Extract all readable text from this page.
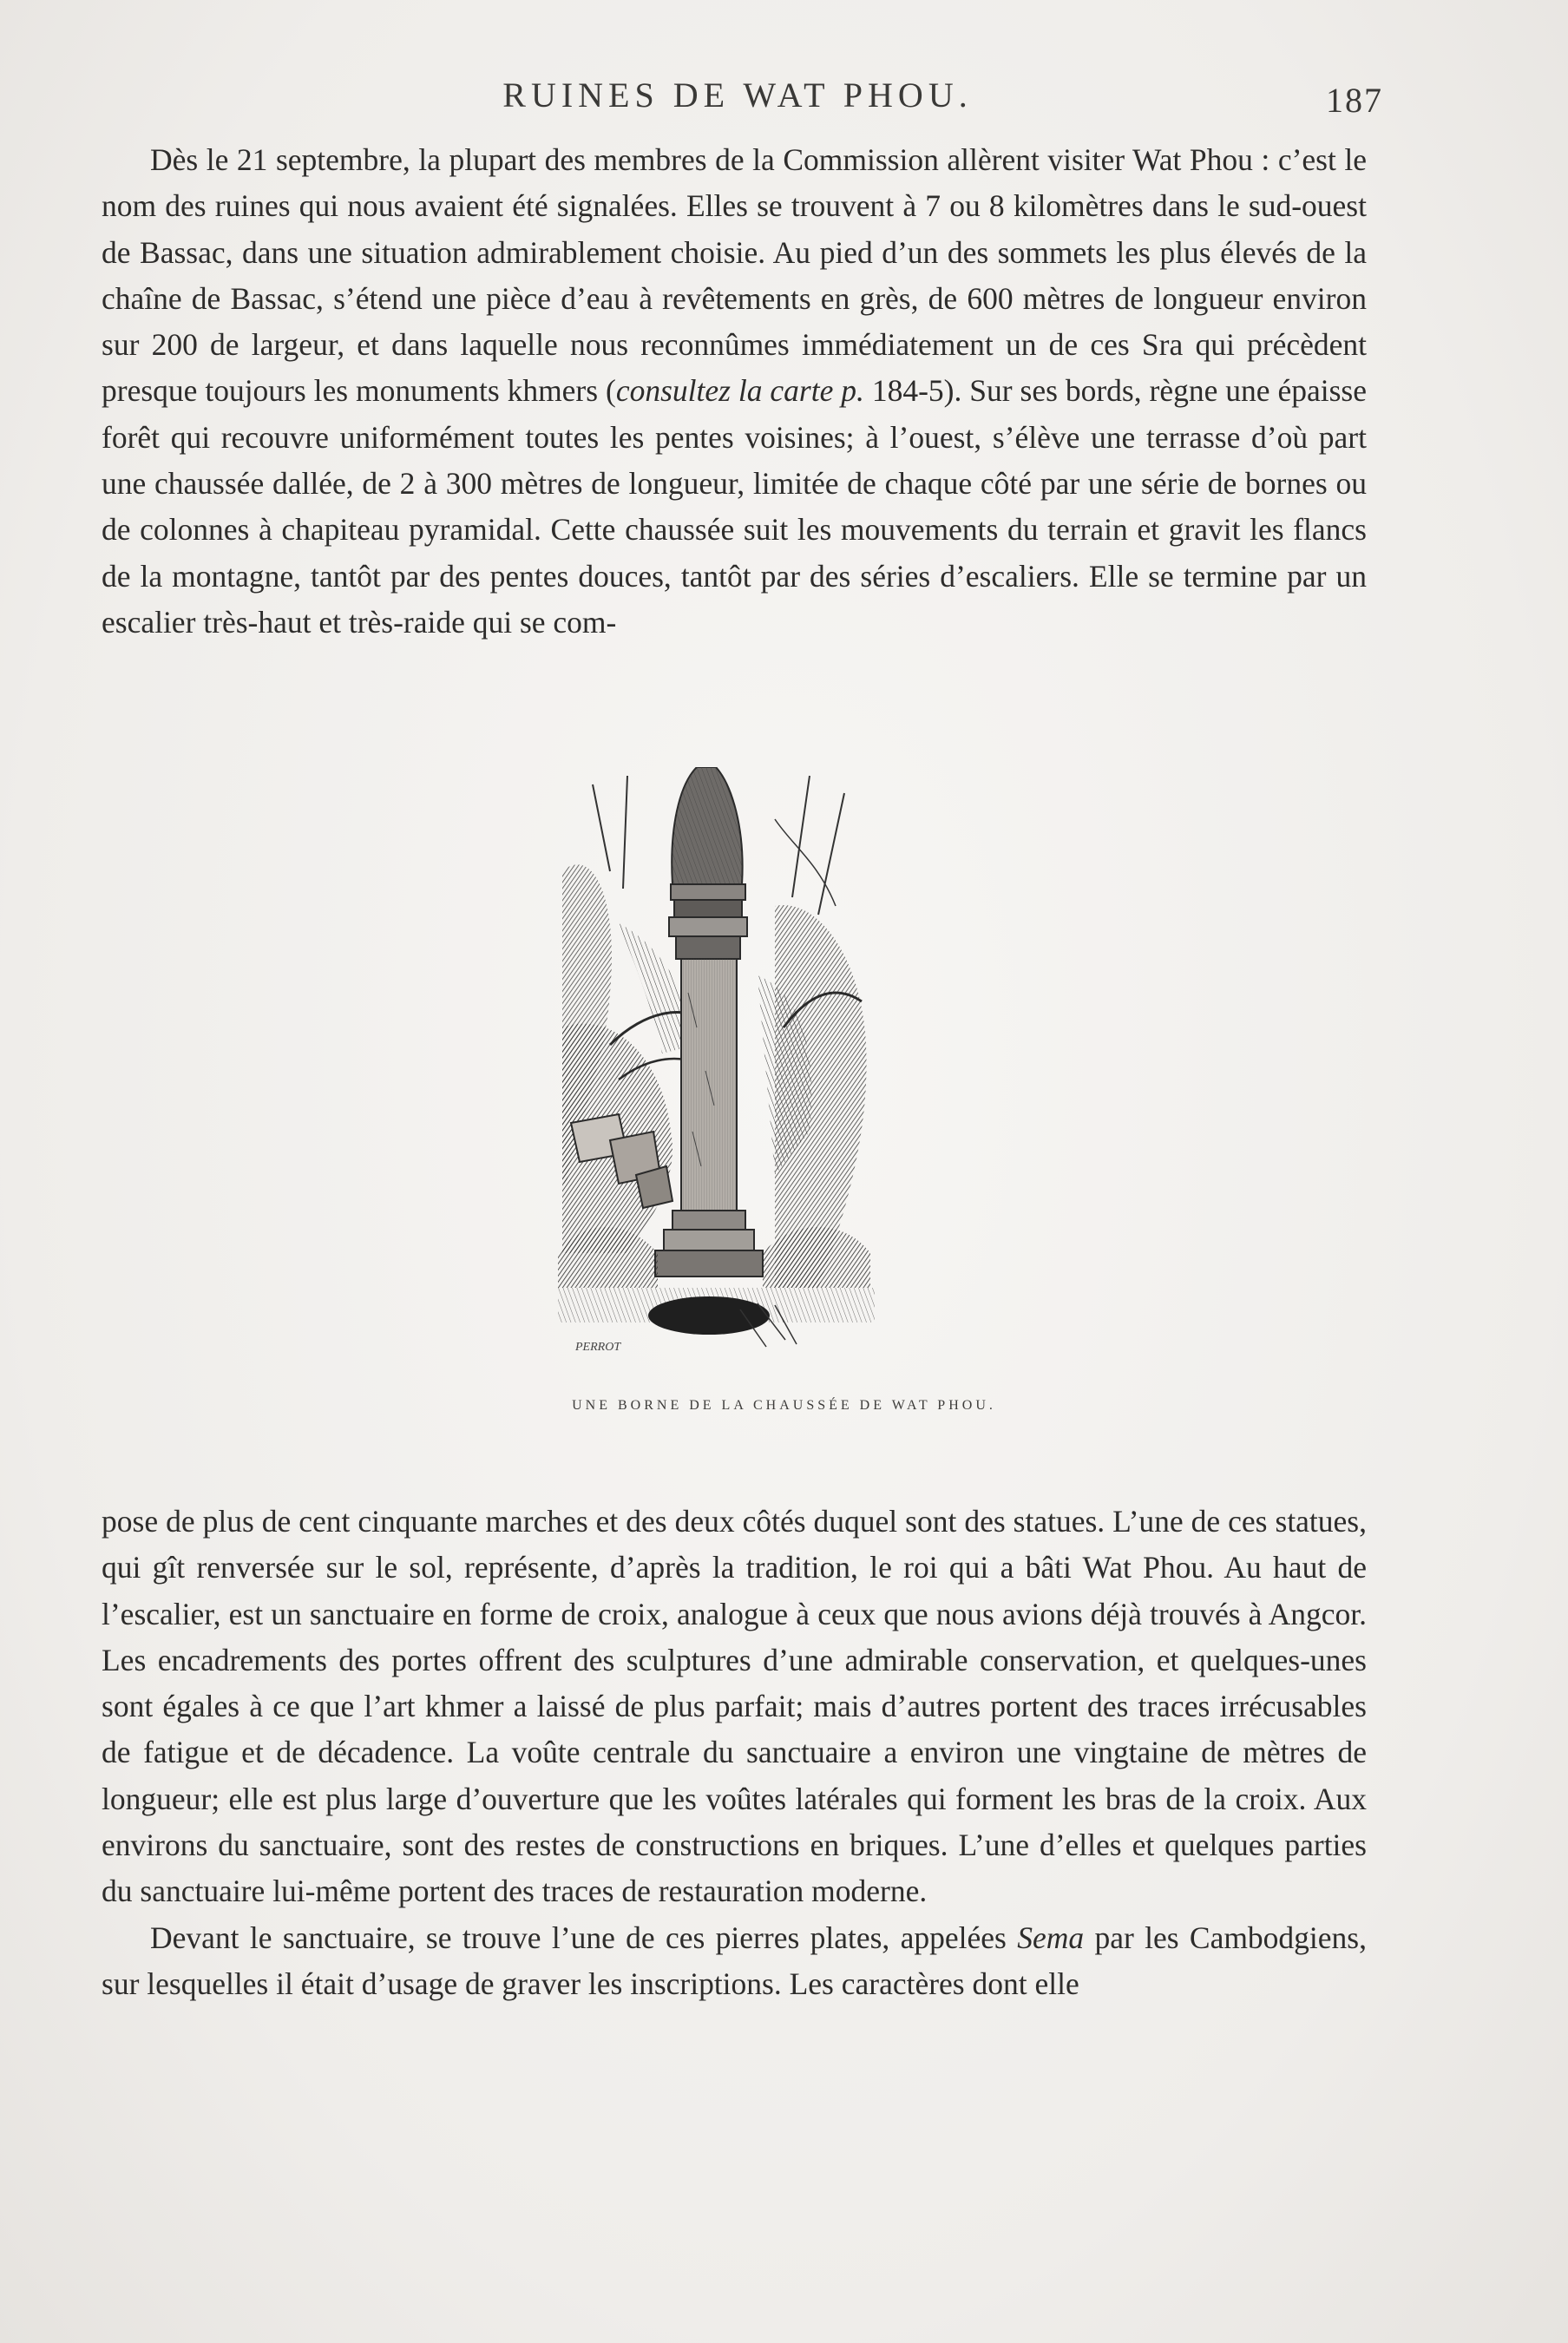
RUINES DE WAT PHOU.	187

Dès le 21 septembre, la plupart des membres de la Commission allèrent visiter Wat Phou : c’est le nom des ruines qui nous avaient été signalées. Elles se trouvent à 7 ou 8 kilomètres dans le sud-ouest de Bassac, dans une situation admirablement choisie. Au pied d’un des sommets les plus élevés de la chaîne de Bassac, s’étend une pièce d’eau à revêtements en grès, de 600 mètres de longueur environ sur 200 de largeur, et dans laquelle nous reconnûmes immédiatement un de ces Sra qui précèdent presque toujours les monuments khmers (consultez la carte p. 184-5). Sur ses bords, règne une épaisse forêt qui recouvre uniformément toutes les pentes voisines; à l’ouest, s’élève une terrasse d’où part une chaussée dallée, de 2 à 300 mètres de longueur, limitée de chaque côté par une série de bornes ou de colonnes à chapiteau pyramidal. Cette chaussée suit les mouvements du terrain et gravit les flancs de la montagne, tantôt par des pentes douces, tantôt par des séries d’escaliers. Elle se termine par un escalier très-haut et très-raide qui se com-

PERROT
UNE BORNE DE LA CHAUSSÉE DE WAT PHOU.

pose de plus de cent cinquante marches et des deux côtés duquel sont des statues. L’une de ces statues, qui gît renversée sur le sol, représente, d’après la tradition, le roi qui a bâti Wat Phou. Au haut de l’escalier, est un sanctuaire en forme de croix, analogue à ceux que nous avions déjà trouvés à Angcor. Les encadrements des portes offrent des sculptures d’une admirable conservation, et quelques-unes sont égales à ce que l’art khmer a laissé de plus parfait; mais d’autres portent des traces irrécusables de fatigue et de décadence. La voûte centrale du sanctuaire a environ une vingtaine de mètres de longueur; elle est plus large d’ouverture que les voûtes latérales qui forment les bras de la croix. Aux environs du sanctuaire, sont des restes de constructions en briques. L’une d’elles et quelques parties du sanctuaire lui-même portent des traces de restauration moderne.

Devant le sanctuaire, se trouve l’une de ces pierres plates, appelées Sema par les Cambodgiens, sur lesquelles il était d’usage de graver les inscriptions. Les caractères dont elle
